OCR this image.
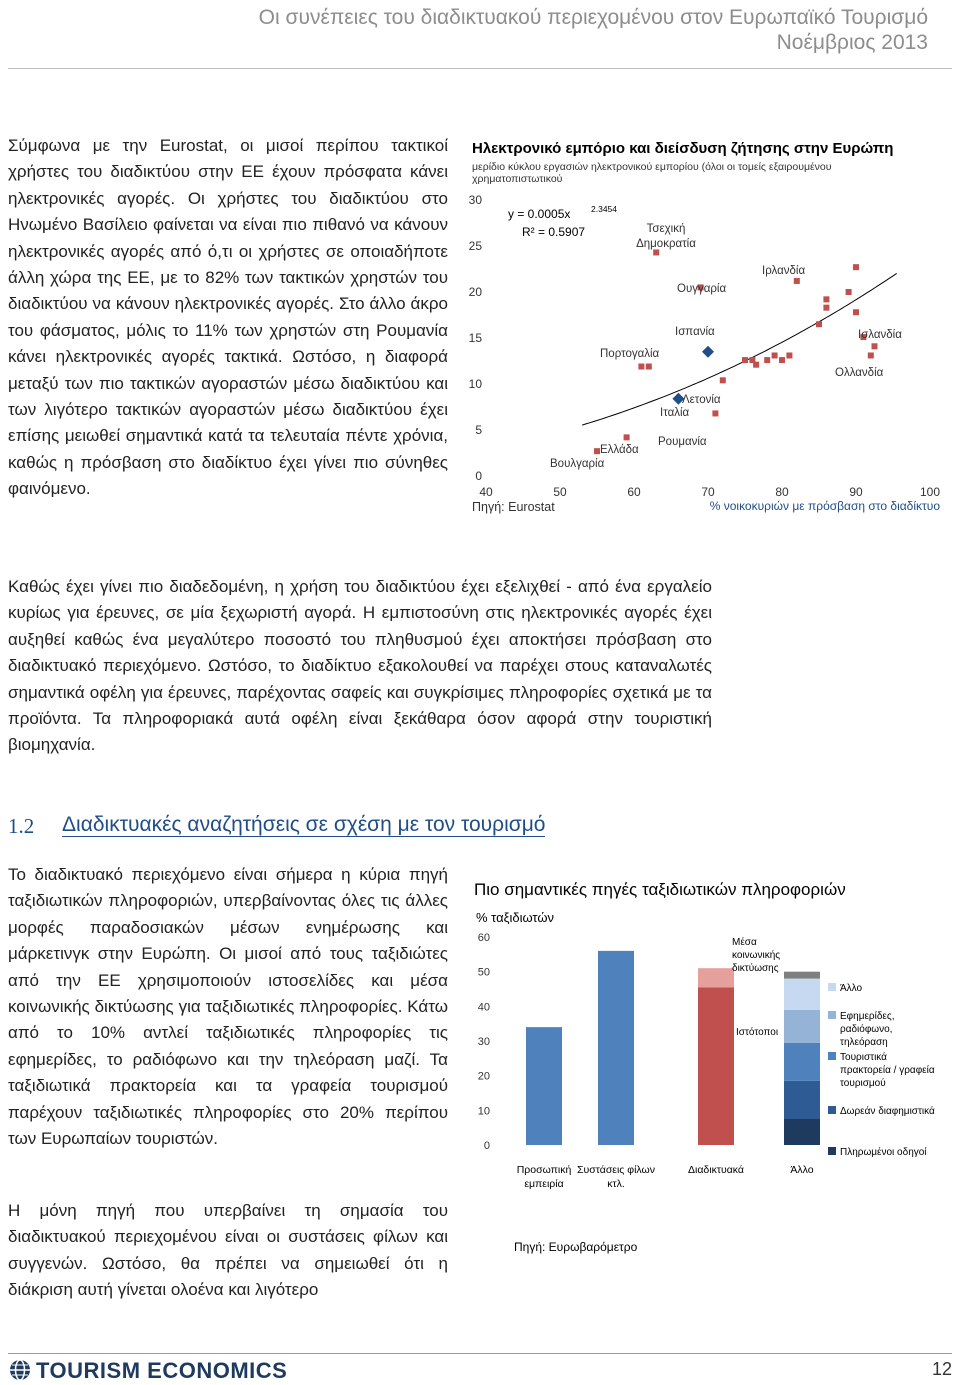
Οι συνέπειες του διαδικτυακού περιεχομένου στον Ευρωπαϊκό Τουρισμό
Νοέμβριος 2013
Σύμφωνα με την Eurostat, οι μισοί περίπου τακτικοί χρήστες του διαδικτύου στην ΕΕ έχουν πρόσφατα κάνει ηλεκτρονικές αγορές. Οι χρήστες του διαδικτύου στο Ηνωμένο Βασίλειο φαίνεται να είναι πιο πιθανό να κάνουν ηλεκτρονικές αγορές από ό,τι οι χρήστες σε οποιαδήποτε άλλη χώρα της ΕΕ, με το 82% των τακτικών χρηστών του διαδικτύου να κάνουν ηλεκτρονικές αγορές. Στο άλλο άκρο του φάσματος, μόλις το 11% των χρηστών στη Ρουμανία κάνει ηλεκτρονικές αγορές τακτικά. Ωστόσο, η διαφορά μεταξύ των πιο τακτικών αγοραστών μέσω διαδικτύου και των λιγότερο τακτικών αγοραστών μέσω διαδικτύου έχει επίσης μειωθεί σημαντικά κατά τα τελευταία πέντε χρόνια, καθώς η πρόσβαση στο διαδίκτυο έχει γίνει πιο σύνηθες φαινόμενο.
Ηλεκτρονικό εμπόριο και διείσδυση ζήτησης στην Ευρώπη
μερίδιο κύκλου εργασιών ηλεκτρονικού εμπορίου (όλοι οι τομείς εξαιρουμένου
χρηματοπιστωτικού
0
5
10
15
20
25
30
40	50	60	70	80	90	100
Πηγή: Eurostat	% νοικοκυριών με πρόσβαση στο διαδίκτυο
y = 0.0005x 2.3454
R² = 0.5907
Βουλγαρία
Ελλάδα
Πορτογαλία
Ιταλία
Ισπανία
Ρουμανία
Λετονία
Ουγγαρία
Ιρλανδία
Ισλανδία
Ολλανδία
Τσεχική
Δημοκρατία
Καθώς έχει γίνει πιο διαδεδομένη, η χρήση του διαδικτύου έχει εξελιχθεί - από ένα εργαλείο κυρίως για έρευνες, σε μία ξεχωριστή αγορά. Η εμπιστοσύνη στις ηλεκτρονικές αγορές έχει αυξηθεί καθώς ένα μεγαλύτερο ποσοστό του πληθυσμού έχει αποκτήσει πρόσβαση στο διαδικτυακό περιεχόμενο. Ωστόσο, το διαδίκτυο εξακολουθεί να παρέχει στους καταναλωτές σημαντικά οφέλη για έρευνες, παρέχοντας σαφείς και συγκρίσιμες πληροφορίες σχετικά με τα προϊόντα. Τα πληροφοριακά αυτά οφέλη είναι ξεκάθαρα όσον αφορά στην τουριστική βιομηχανία.
1.2 Διαδικτυακές αναζητήσεις σε σχέση με τον τουρισμό
Το διαδικτυακό περιεχόμενο είναι σήμερα η κύρια πηγή ταξιδιωτικών πληροφοριών, υπερβαίνοντας όλες τις άλλες μορφές παραδοσιακών μέσων ενημέρωσης και μάρκετινγκ στην Ευρώπη. Οι μισοί από τους ταξιδιώτες από την ΕΕ χρησιμοποιούν ιστοσελίδες και μέσα κοινωνικής δικτύωσης για ταξιδιωτικές πληροφορίες. Κάτω από το 10% αντλεί ταξιδιωτικές πληροφορίες τις εφημερίδες, το ραδιόφωνο και την τηλεόραση μαζί. Τα ταξιδιωτικά πρακτορεία και τα γραφεία τουρισμού παρέχουν ταξιδιωτικές πληροφορίες στο 20% περίπου των Ευρωπαίων τουριστών.
Πιο σημαντικές πηγές ταξιδιωτικών πληροφοριών
% ταξιδιωτών
0
10
20
30
40
50
60
Προσωπική
εμπειρία
Συστάσεις φίλων
κτλ.
Διαδικτυακά	Άλλο
Πηγή: Ευρωβαρόμετρο
Μέσα
κοινωνικής
δικτύωσης
Ιστότοποι
Άλλο
Εφημερίδες,
ραδιόφωνο,
τηλεόραση
Τουριστικά
πρακτορεία / γραφεία
τουρισμού
Δωρεάν διαφημιστικά
Πληρωμένοι οδηγοί
Η μόνη πηγή που υπερβαίνει τη σημασία του διαδικτυακού περιεχομένου είναι οι συστάσεις φίλων και συγγενών. Ωστόσο, θα πρέπει να σημειωθεί ότι η διάκριση αυτή γίνεται ολοένα και λιγότερο
TOURISM ECONOMICS	12
